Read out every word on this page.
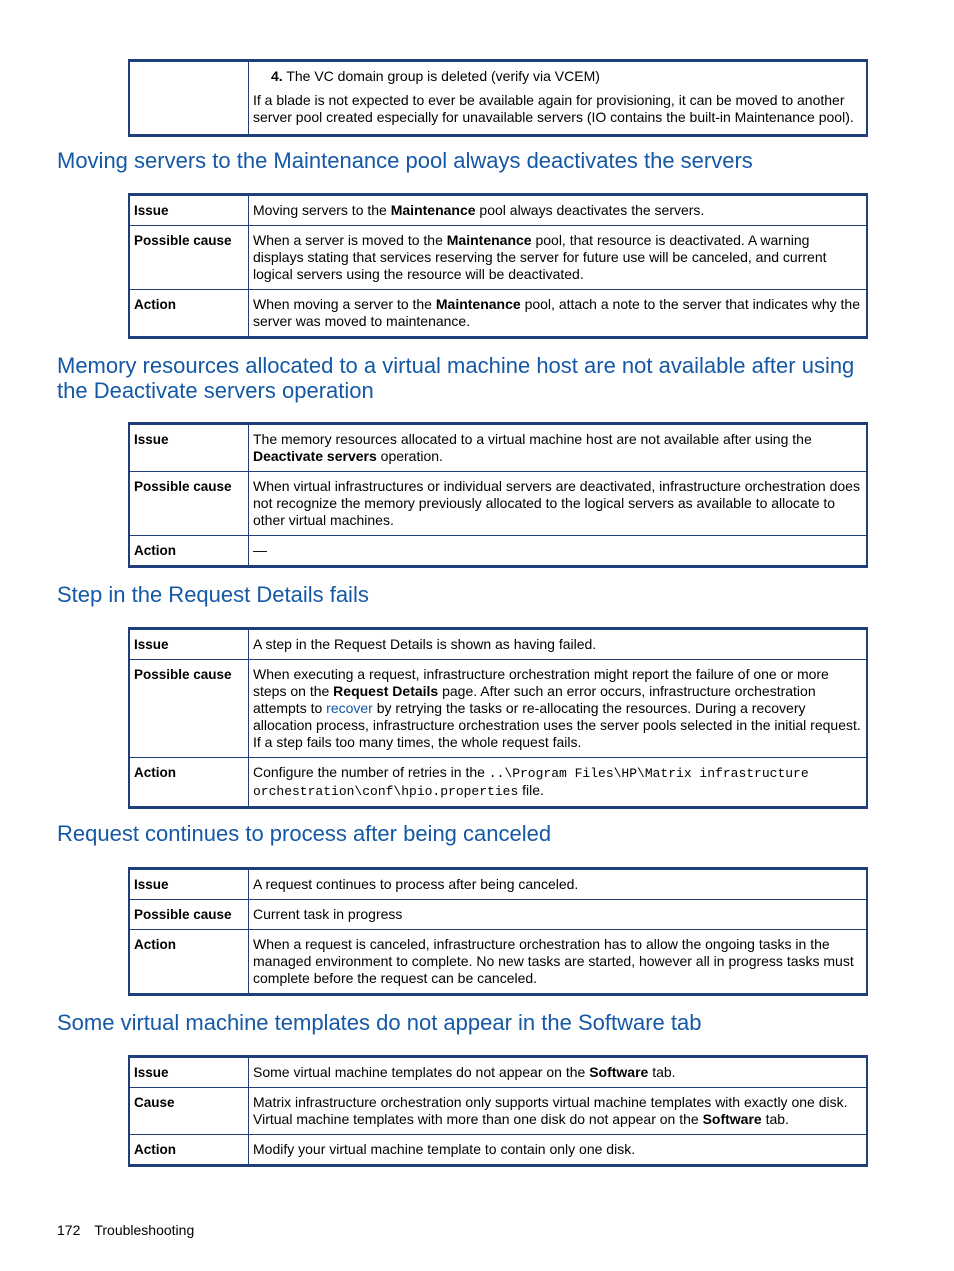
4. The VC domain group is deleted (verify via VCEM)
If a blade is not expected to ever be available again for provisioning, it can be moved to another server pool created especially for unavailable servers (IO contains the built-in Maintenance pool).
Moving servers to the Maintenance pool always deactivates the servers
Issue	Moving servers to the Maintenance pool always deactivates the servers.
Possible cause	When a server is moved to the Maintenance pool, that resource is deactivated. A warning displays stating that services reserving the server for future use will be canceled, and current logical servers using the resource will be deactivated.
Action	When moving a server to the Maintenance pool, attach a note to the server that indicates why the server was moved to maintenance.
Memory resources allocated to a virtual machine host are not available after using the Deactivate servers operation
Issue	The memory resources allocated to a virtual machine host are not available after using the Deactivate servers operation.
Possible cause	When virtual infrastructures or individual servers are deactivated, infrastructure orchestration does not recognize the memory previously allocated to the logical servers as available to allocate to other virtual machines.
Action	—
Step in the Request Details fails
Issue	A step in the Request Details is shown as having failed.
Possible cause	When executing a request, infrastructure orchestration might report the failure of one or more steps on the Request Details page. After such an error occurs, infrastructure orchestration attempts to recover by retrying the tasks or re-allocating the resources. During a recovery allocation process, infrastructure orchestration uses the server pools selected in the initial request. If a step fails too many times, the whole request fails.
Action	Configure the number of retries in the ..\Program Files\HP\Matrix infrastructure orchestration\conf\hpio.properties file.
Request continues to process after being canceled
Issue	A request continues to process after being canceled.
Possible cause	Current task in progress
Action	When a request is canceled, infrastructure orchestration has to allow the ongoing tasks in the managed environment to complete. No new tasks are started, however all in progress tasks must complete before the request can be canceled.
Some virtual machine templates do not appear in the Software tab
Issue	Some virtual machine templates do not appear on the Software tab.
Cause	Matrix infrastructure orchestration only supports virtual machine templates with exactly one disk. Virtual machine templates with more than one disk do not appear on the Software tab.
Action	Modify your virtual machine template to contain only one disk.
172 Troubleshooting
